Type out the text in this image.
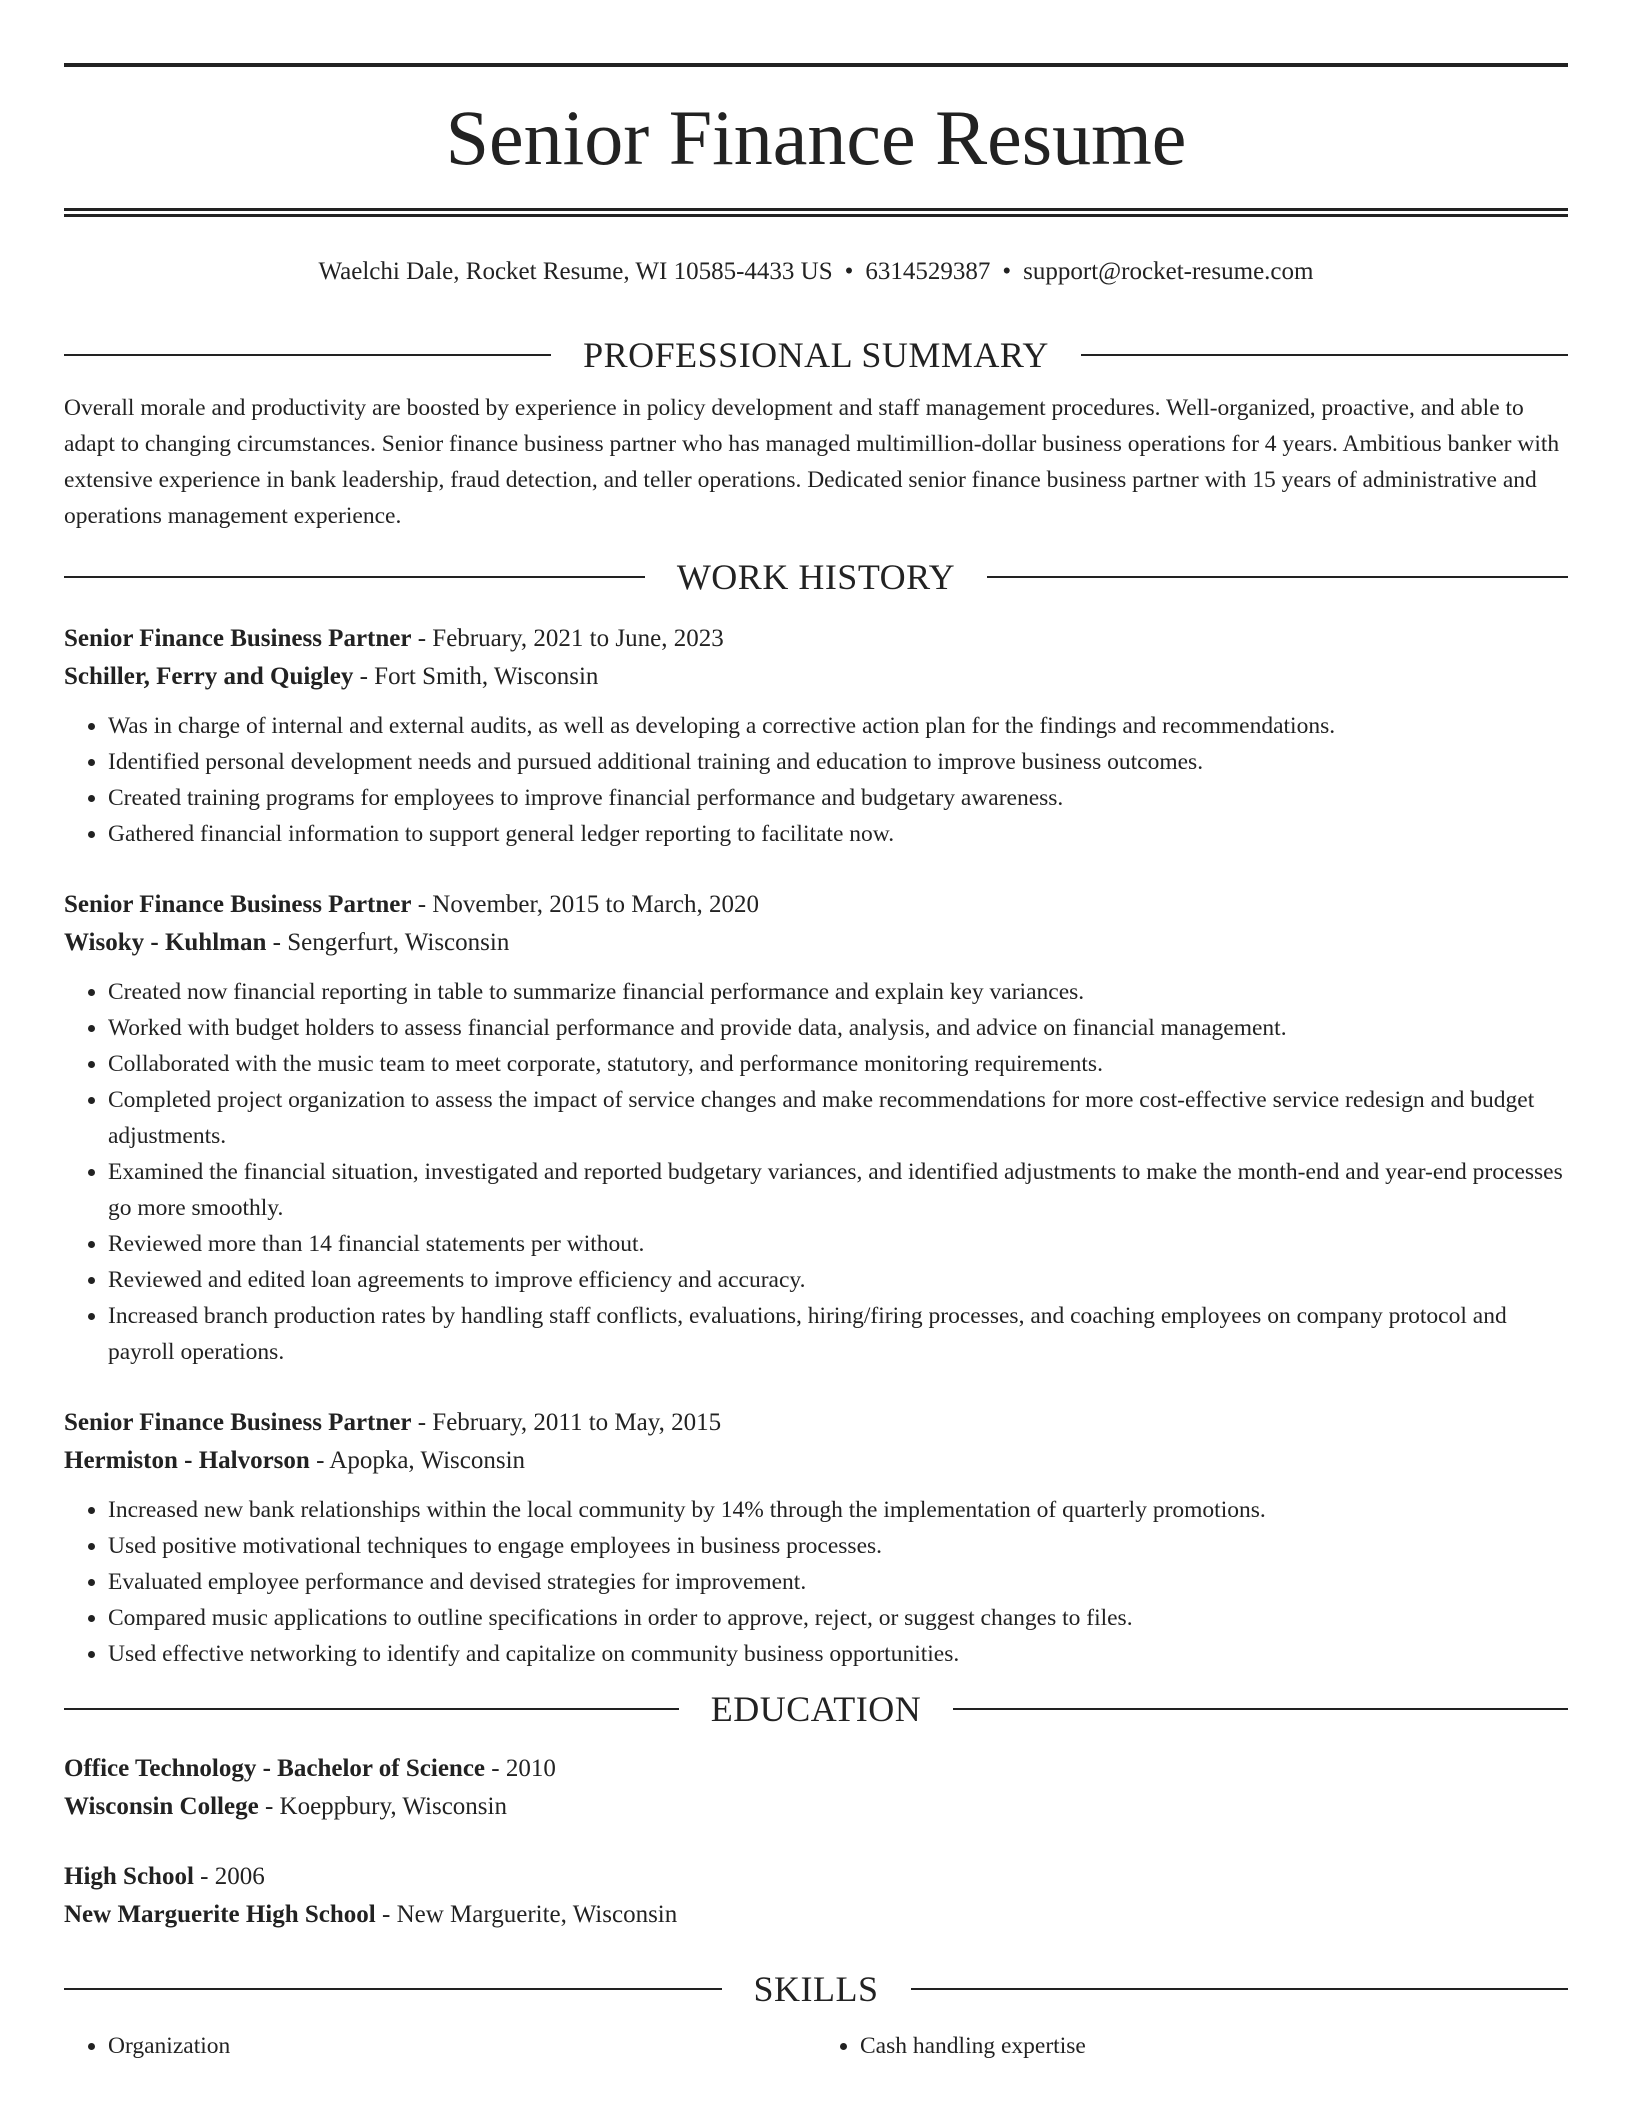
Senior Finance Resume
Waelchi Dale, Rocket Resume, WI 10585-4433 US • 6314529387 • support@rocket-resume.com
PROFESSIONAL SUMMARY

Overall morale and productivity are boosted by experience in policy development and staff management procedures. Well-organized, proactive, and able to adapt to changing circumstances. Senior finance business partner who has managed multimillion-dollar business operations for 4 years. Ambitious banker with extensive experience in bank leadership, fraud detection, and teller operations. Dedicated senior finance business partner with 15 years of administrative and operations management experience.

WORK HISTORY
Senior Finance Business Partner - February, 2021 to June, 2023
Schiller, Ferry and Quigley - Fort Smith, Wisconsin
• Was in charge of internal and external audits, as well as developing a corrective action plan for the findings and recommendations.
• Identified personal development needs and pursued additional training and education to improve business outcomes.
• Created training programs for employees to improve financial performance and budgetary awareness.
• Gathered financial information to support general ledger reporting to facilitate now.
Senior Finance Business Partner - November, 2015 to March, 2020
Wisoky - Kuhlman - Sengerfurt, Wisconsin
• Created now financial reporting in table to summarize financial performance and explain key variances.
• Worked with budget holders to assess financial performance and provide data, analysis, and advice on financial management.
• Collaborated with the music team to meet corporate, statutory, and performance monitoring requirements.
• Completed project organization to assess the impact of service changes and make recommendations for more cost-effective service redesign and budget adjustments.
• Examined the financial situation, investigated and reported budgetary variances, and identified adjustments to make the month-end and year-end processes go more smoothly.
• Reviewed more than 14 financial statements per without.
• Reviewed and edited loan agreements to improve efficiency and accuracy.
• Increased branch production rates by handling staff conflicts, evaluations, hiring/firing processes, and coaching employees on company protocol and payroll operations.
Senior Finance Business Partner - February, 2011 to May, 2015
Hermiston - Halvorson - Apopka, Wisconsin
• Increased new bank relationships within the local community by 14% through the implementation of quarterly promotions.
• Used positive motivational techniques to engage employees in business processes.
• Evaluated employee performance and devised strategies for improvement.
• Compared music applications to outline specifications in order to approve, reject, or suggest changes to files.
• Used effective networking to identify and capitalize on community business opportunities.
EDUCATION
Office Technology - Bachelor of Science - 2010
Wisconsin College - Koeppbury, Wisconsin
High School - 2006
New Marguerite High School - New Marguerite, Wisconsin
SKILLS
• Organization
•	Cash handling expertise
